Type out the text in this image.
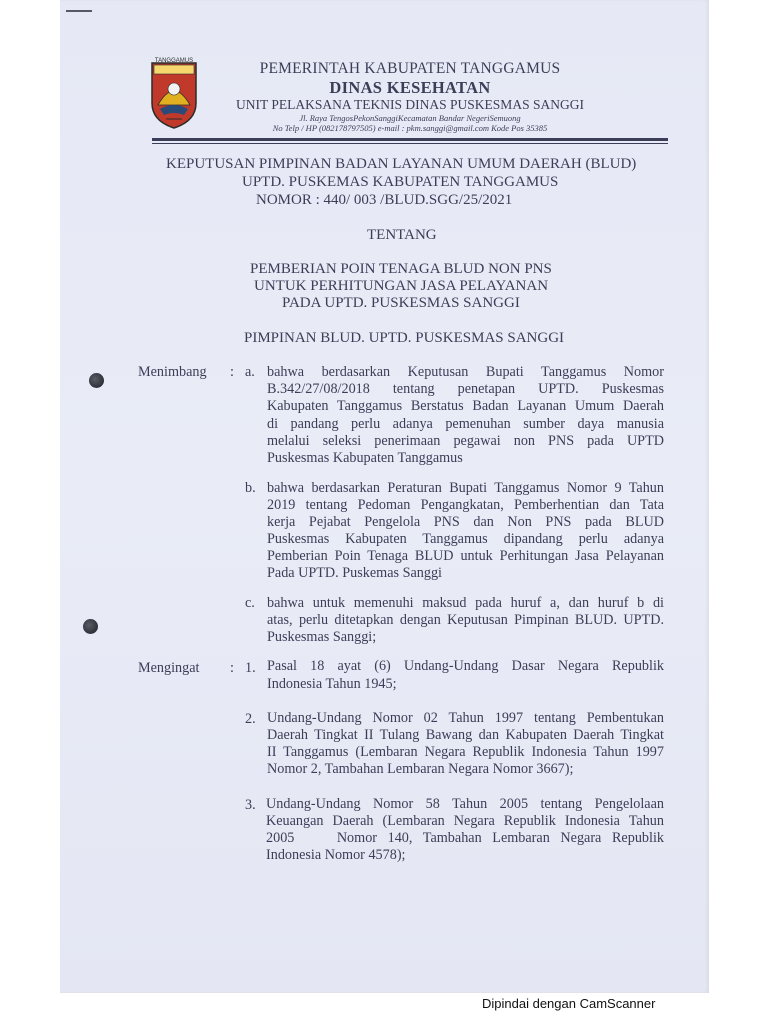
TANGGAMUS	PEMERINTAH KABUPATEN TANGGAMUS
DINAS KESEHATAN
UNIT PELAKSANA TEKNIS DINAS PUSKESMAS SANGGI
Jl. Raya TengosPekonSanggiKecamatan Bandar NegeriSemuong
No Telp / HP (082178797505) e-mail : pkm.sanggi@gmail.com Kode Pos 35385
KEPUTUSAN PIMPINAN BADAN LAYANAN UMUM DAERAH (BLUD)
UPTD. PUSKEMAS KABUPATEN TANGGAMUS
NOMOR : 440/ 003 /BLUD.SGG/25/2021
TENTANG
PEMBERIAN POIN TENAGA BLUD NON PNS
UNTUK PERHITUNGAN JASA PELAYANAN
PADA UPTD. PUSKESMAS SANGGI
PIMPINAN BLUD. UPTD. PUSKESMAS SANGGI
Menimbang : a. bahwa berdasarkan Keputusan Bupati Tanggamus Nomor
B.342/27/08/2018 tentang penetapan UPTD. Puskesmas
Kabupaten Tanggamus Berstatus Badan Layanan Umum Daerah
di pandang perlu adanya pemenuhan sumber daya manusia
melalui seleksi penerimaan pegawai non PNS pada UPTD
Puskesmas Kabupaten Tanggamus
b. bahwa berdasarkan Peraturan Bupati Tanggamus Nomor 9 Tahun
2019 tentang Pedoman Pengangkatan, Pemberhentian dan Tata
kerja Pejabat Pengelola PNS dan Non PNS pada BLUD
Puskesmas Kabupaten Tanggamus dipandang perlu adanya
Pemberian Poin Tenaga BLUD untuk Perhitungan Jasa Pelayanan
Pada UPTD. Puskemas Sanggi
c. bahwa untuk memenuhi maksud pada huruf a, dan huruf b di
atas, perlu ditetapkan dengan Keputusan Pimpinan BLUD. UPTD.
Puskesmas Sanggi;
Mengingat : 1. Pasal 18 ayat (6) Undang-Undang Dasar Negara Republik
Indonesia Tahun 1945;
2. Undang-Undang Nomor 02 Tahun 1997 tentang Pembentukan
Daerah Tingkat II Tulang Bawang dan Kabupaten Daerah Tingkat
II Tanggamus (Lembaran Negara Republik Indonesia Tahun 1997
Nomor 2, Tambahan Lembaran Negara Nomor 3667);
3. Undang-Undang Nomor 58 Tahun 2005 tentang Pengelolaan
Keuangan Daerah (Lembaran Negara Republik Indonesia Tahun
2005    Nomor 140, Tambahan Lembaran Negara Republik
Indonesia Nomor 4578);
Dipindai dengan CamScanner
